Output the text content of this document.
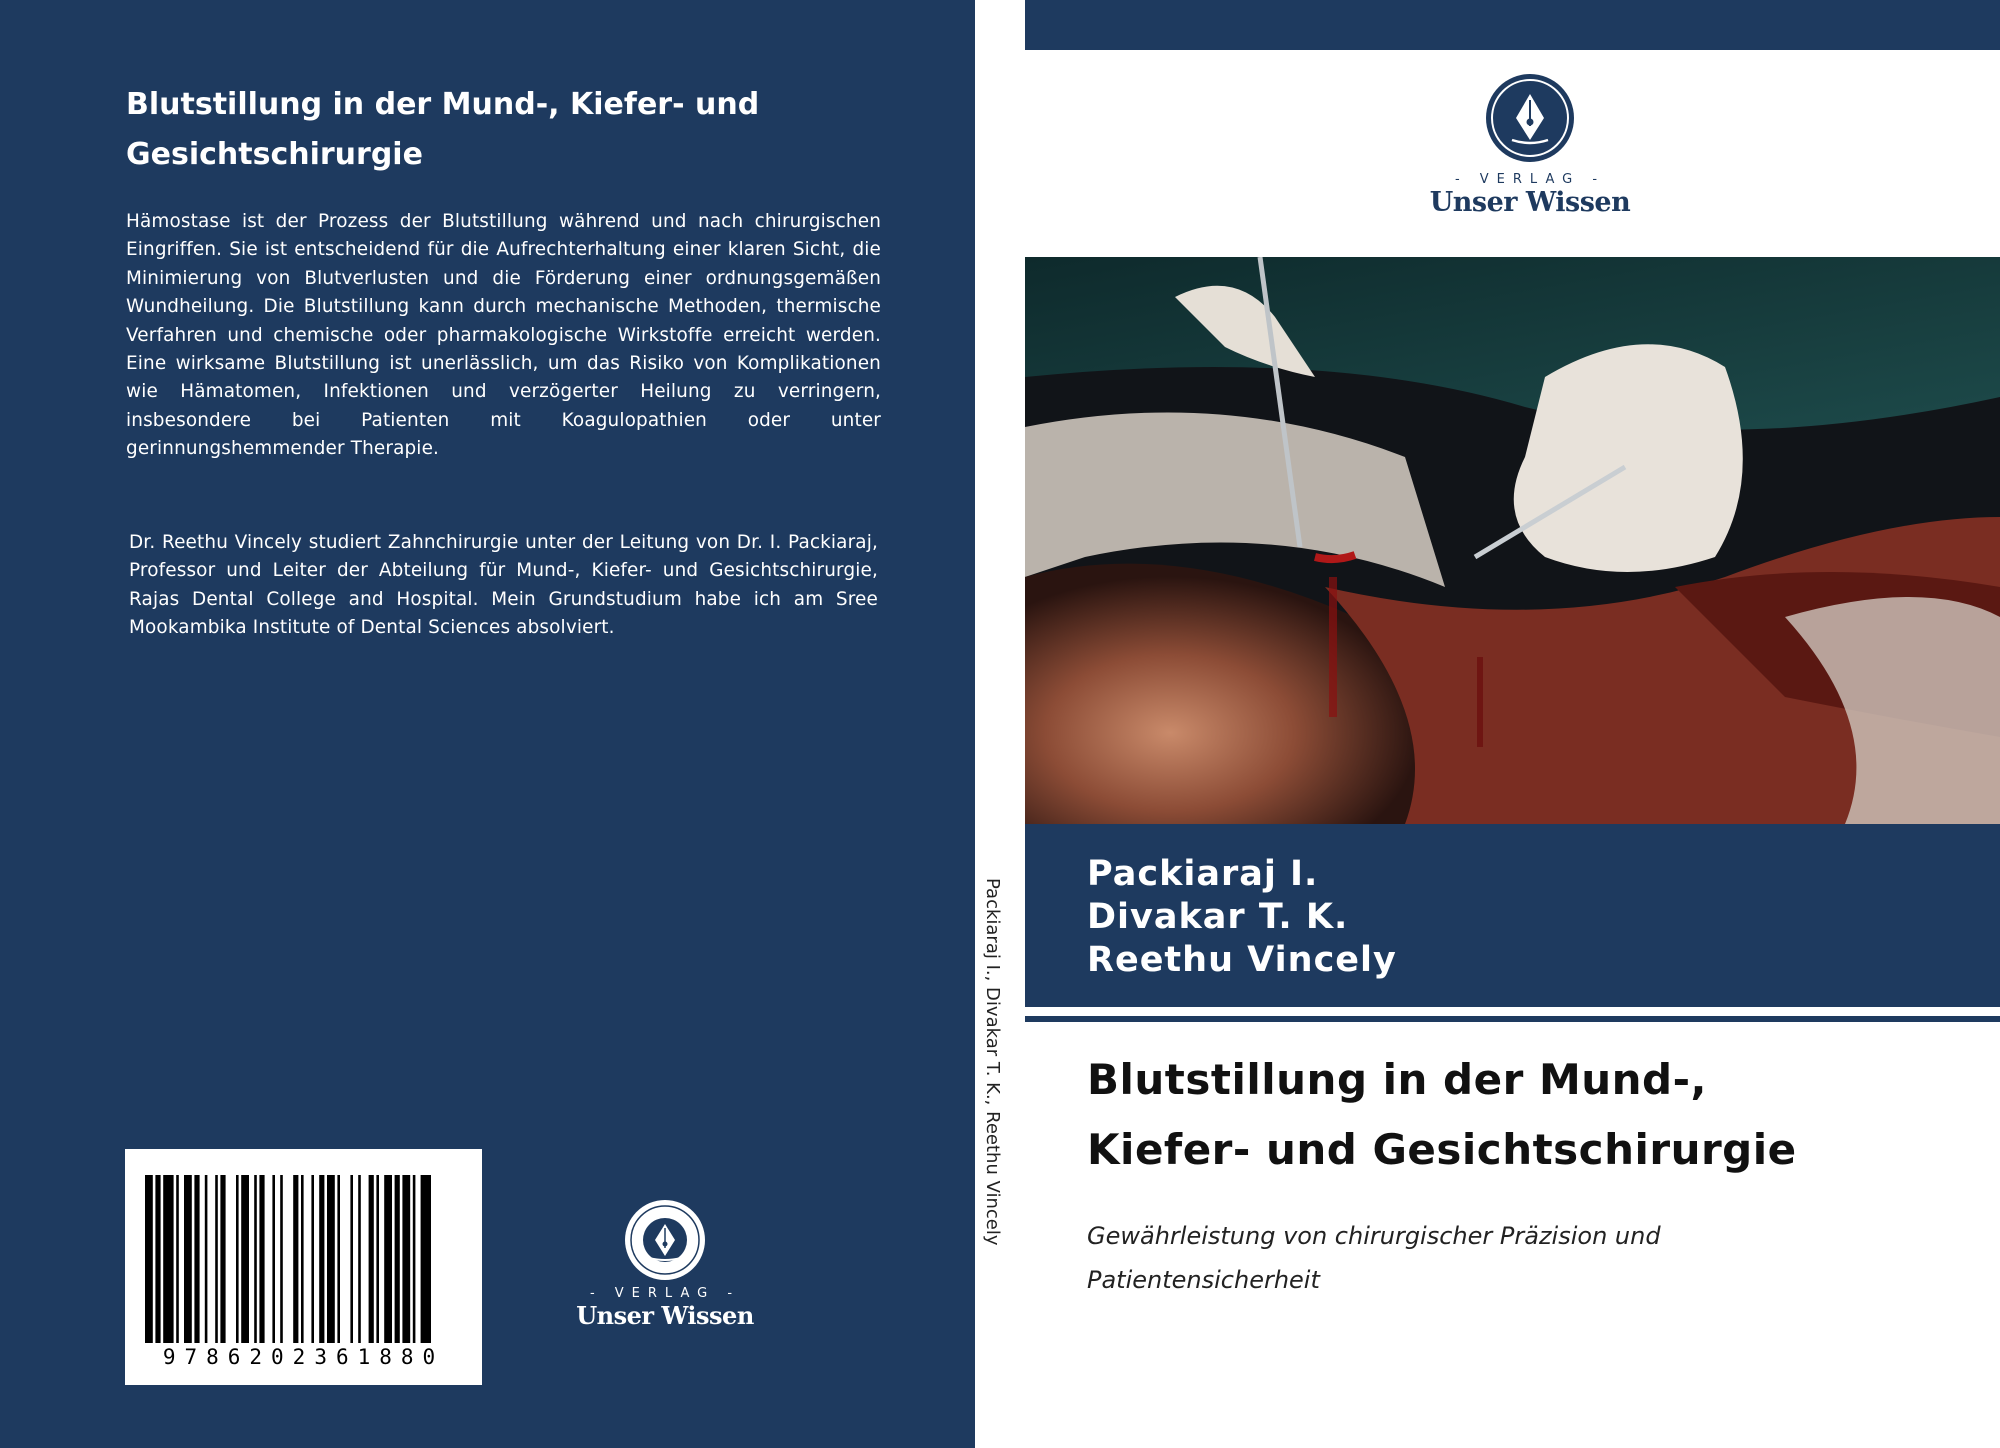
Blutstillung in der Mund-, Kiefer- und
Gesichtschirurgie
Hämostase ist der Prozess der Blutstillung während und nach chirurgischen Eingriffen. Sie ist entscheidend für die Aufrechterhaltung einer klaren Sicht, die Minimierung von Blutverlusten und die Förderung einer ordnungsgemäßen Wundheilung. Die Blutstillung kann durch mechanische Methoden, thermische Verfahren und chemische oder pharmakologische Wirkstoffe erreicht werden. Eine wirksame Blutstillung ist unerlässlich, um das Risiko von Komplikationen wie Hämatomen, Infektionen und verzögerter Heilung zu verringern, insbesondere bei Patienten mit Koagulopathien oder unter gerinnungshemmender Therapie.
Dr. Reethu Vincely studiert Zahnchirurgie unter der Leitung von Dr. I. Packiaraj, Professor und Leiter der Abteilung für Mund-, Kiefer- und Gesichtschirurgie, Rajas Dental College and Hospital. Mein Grundstudium habe ich am Sree Mookambika Institute of Dental Sciences absolviert.
9786202361880
- VERLAG -
Unser Wissen
Packiaraj I., Divakar T. K., Reethu Vincely
- VERLAG -
Unser Wissen
Packiaraj I.
Divakar T. K.
Reethu Vincely
Blutstillung in der Mund-,
Kiefer- und Gesichtschirurgie
Gewährleistung von chirurgischer Präzision und
Patientensicherheit
